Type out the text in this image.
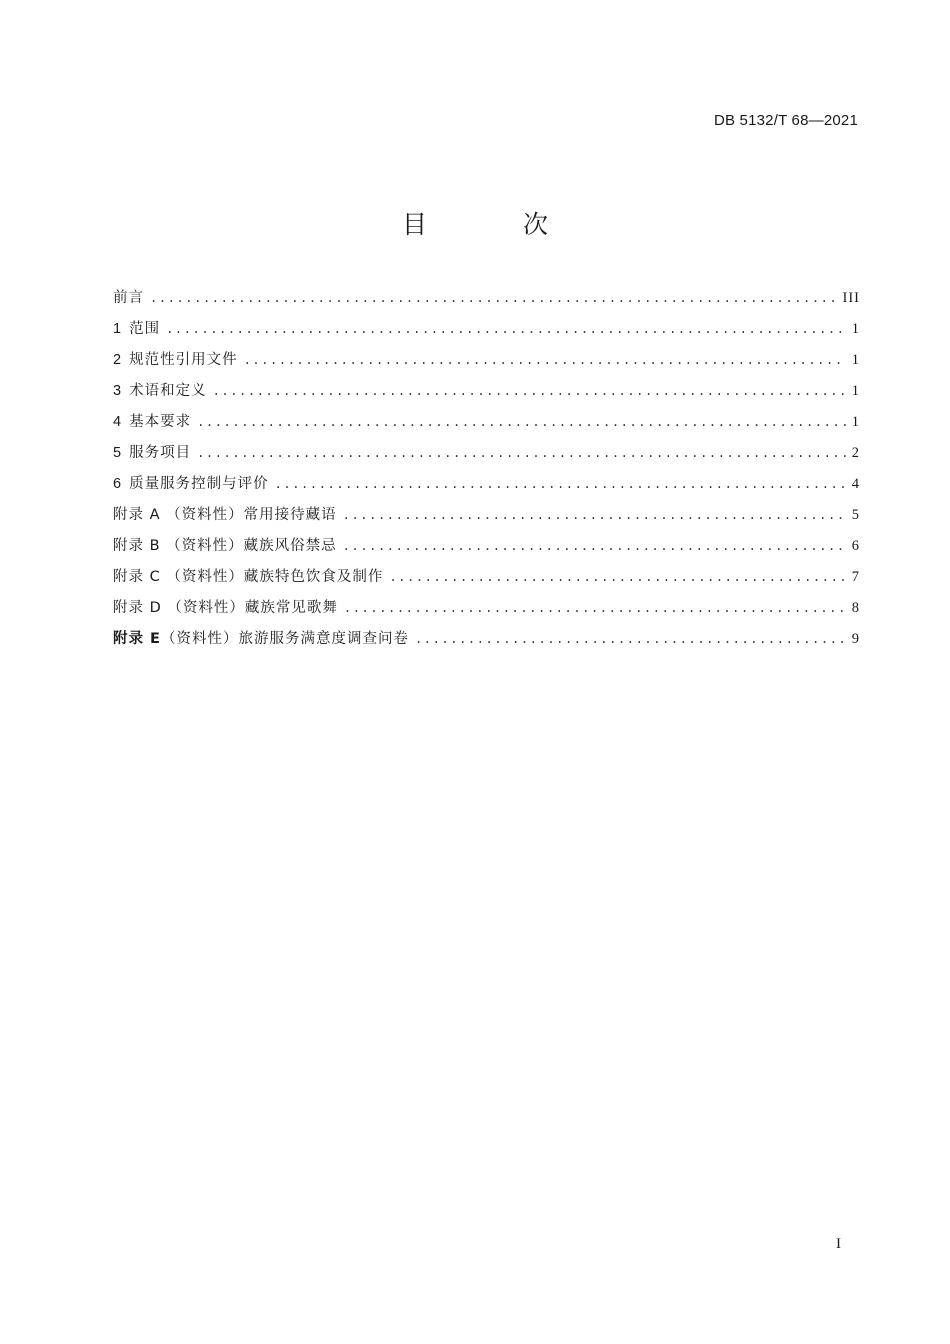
DB 5132/T 68—2021
目 次
前言 .....	III
1 范围 .....	1
2 规范性引用文件 .....	1
3 术语和定义 .....	1
4 基本要求 .....	1
5 服务项目 .....	2
6 质量服务控制与评价 .....	4
附录 A （资料性）常用接待藏语 .....	5
附录 B （资料性）藏族风俗禁忌 .....	6
附录 C （资料性）藏族特色饮食及制作 .....	7
附录 D （资料性）藏族常见歌舞 .....	8
附录 E （资料性）旅游服务满意度调查问卷 .....	9
I
